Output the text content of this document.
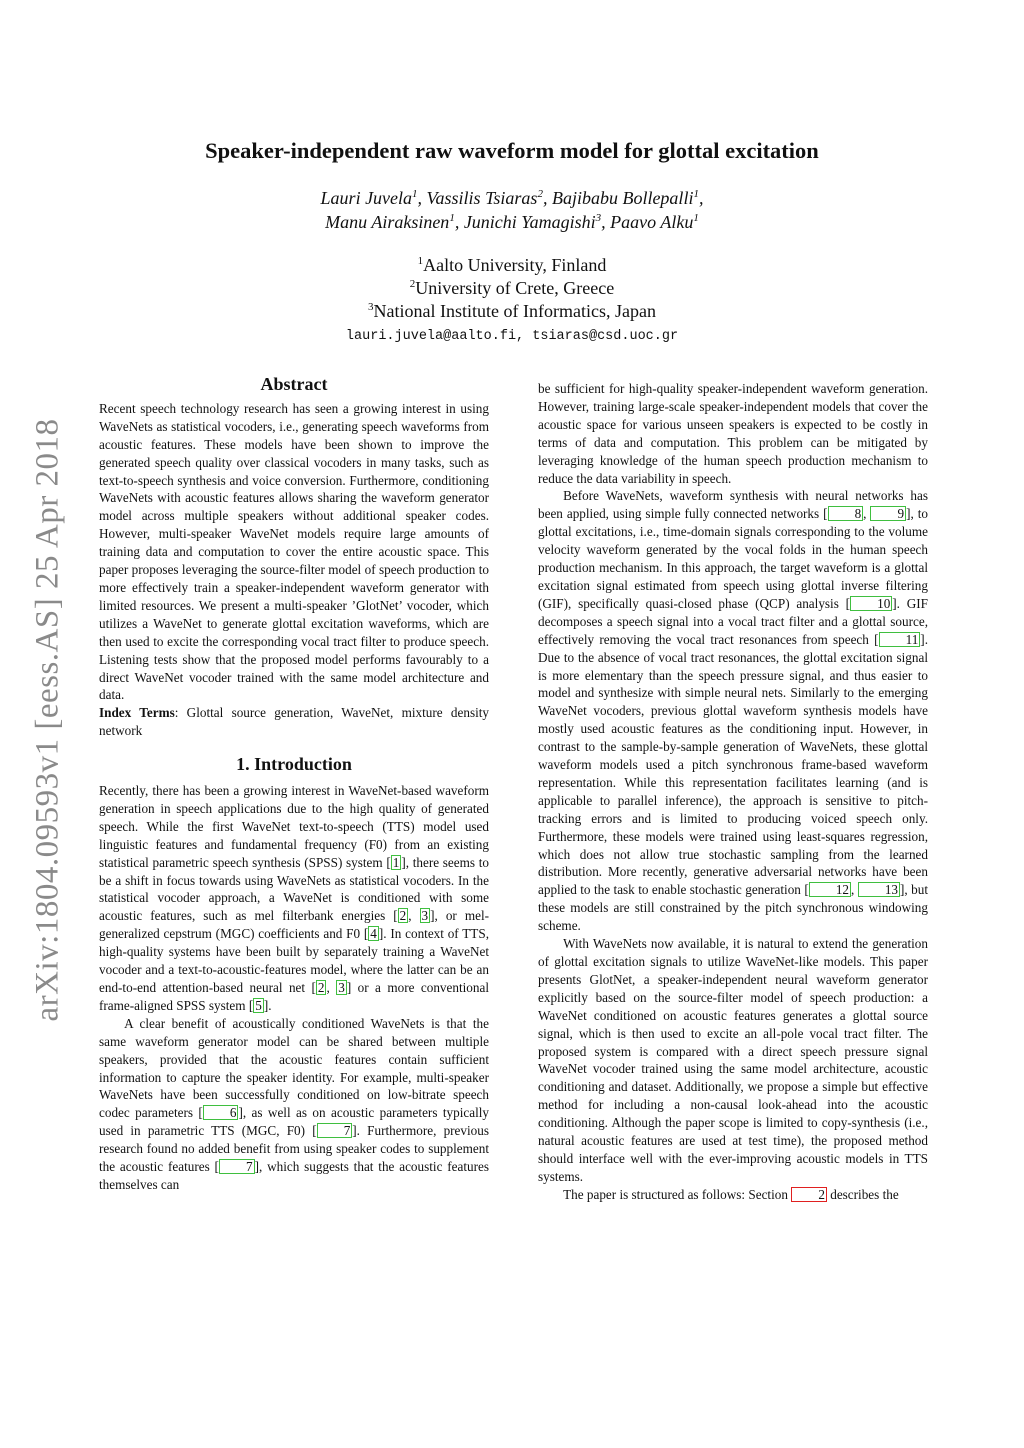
arXiv:1804.09593v1 [eess.AS] 25 Apr 2018
Speaker-independent raw waveform model for glottal excitation
Lauri Juvela$^1$, Vassilis Tsiaras$^2$, Bajibabu Bollepalli$^1$,
Manu Airaksinen$^1$, Junichi Yamagishi$^3$, Paavo Alku$^1$
$^1$Aalto University, Finland
$^2$University of Crete, Greece
$^3$National Institute of Informatics, Japan
lauri.juvela@aalto.fi, tsiaras@csd.uoc.gr
Abstract

Recent speech technology research has seen a growing interest in using WaveNets as statistical vocoders, i.e., generating speech waveforms from acoustic features. These models have been shown to improve the generated speech quality over classical vocoders in many tasks, such as text-to-speech synthesis and voice conversion. Furthermore, conditioning WaveNets with acoustic features allows sharing the waveform generator model across multiple speakers without additional speaker codes. However, multi-speaker WaveNet models require large amounts of training data and computation to cover the entire acoustic space. This paper proposes leveraging the source-filter model of speech production to more effectively train a speaker-independent waveform generator with limited resources. We present a multi-speaker ’GlotNet’ vocoder, which utilizes a WaveNet to generate glottal excitation waveforms, which are then used to excite the corresponding vocal tract filter to produce speech. Listening tests show that the proposed model performs favourably to a direct WaveNet vocoder trained with the same model architecture and data.

Index Terms: Glottal source generation, WaveNet, mixture density network

1. Introduction

Recently, there has been a growing interest in WaveNet-based waveform generation in speech applications due to the high quality of generated speech. While the first WaveNet text-to-speech (TTS) model used linguistic features and fundamental frequency (F0) from an existing statistical parametric speech synthesis (SPSS) system [ 1 ], there seems to be a shift in focus towards using WaveNets as statistical vocoders. In the statistical vocoder approach, a WaveNet is conditioned with some acoustic features, such as mel filterbank energies [ 2 , 3 ], or mel-generalized cepstrum (MGC) coefficients and F0 [ 4 ]. In context of TTS, high-quality systems have been built by separately training a WaveNet vocoder and a text-to-acoustic-features model, where the latter can be an end-to-end attention-based neural net [ 2 , 3 ] or a more conventional frame-aligned SPSS system [ 5 ].

A clear benefit of acoustically conditioned WaveNets is that the same waveform generator model can be shared between multiple speakers, provided that the acoustic features contain sufficient information to capture the speaker identity. For example, multi-speaker WaveNets have been successfully conditioned on low-bitrate speech codec parameters [ 6 ], as well as on acoustic parameters typically used in parametric TTS (MGC, F0) [ 7 ]. Furthermore, previous research found no added benefit from using speaker codes to supplement the acoustic features [ 7 ], which suggests that the acoustic features themselves can

be sufficient for high-quality speaker-independent waveform generation. However, training large-scale speaker-independent models that cover the acoustic space for various unseen speakers is expected to be costly in terms of data and computation. This problem can be mitigated by leveraging knowledge of the human speech production mechanism to reduce the data variability in speech.

Before WaveNets, waveform synthesis with neural networks has been applied, using simple fully connected networks [ 8 , 9 ], to glottal excitations, i.e., time-domain signals corresponding to the volume velocity waveform generated by the vocal folds in the human speech production mechanism. In this approach, the target waveform is a glottal excitation signal estimated from speech using glottal inverse filtering (GIF), specifically quasi-closed phase (QCP) analysis [ 10 ]. GIF decomposes a speech signal into a vocal tract filter and a glottal source, effectively removing the vocal tract resonances from speech [ 11 ]. Due to the absence of vocal tract resonances, the glottal excitation signal is more elementary than the speech pressure signal, and thus easier to model and synthesize with simple neural nets. Similarly to the emerging WaveNet vocoders, previous glottal waveform synthesis models have mostly used acoustic features as the conditioning input. However, in contrast to the sample-by-sample generation of WaveNets, these glottal waveform models used a pitch synchronous frame-based waveform representation. While this representation facilitates learning (and is applicable to parallel inference), the approach is sensitive to pitch-tracking errors and is limited to producing voiced speech only. Furthermore, these models were trained using least-squares regression, which does not allow true stochastic sampling from the learned distribution. More recently, generative adversarial networks have been applied to the task to enable stochastic generation [ 12 , 13 ], but these models are still constrained by the pitch synchronous windowing scheme.

With WaveNets now available, it is natural to extend the generation of glottal excitation signals to utilize WaveNet-like models. This paper presents GlotNet, a speaker-independent neural waveform generator explicitly based on the source-filter model of speech production: a WaveNet conditioned on acoustic features generates a glottal source signal, which is then used to excite an all-pole vocal tract filter. The proposed system is compared with a direct speech pressure signal WaveNet vocoder trained using the same model architecture, acoustic conditioning and dataset. Additionally, we propose a simple but effective method for including a non-causal look-ahead into the acoustic conditioning. Although the paper scope is limited to copy-synthesis (i.e., natural acoustic features are used at test time), the proposed method should interface well with the ever-improving acoustic models in TTS systems.

The paper is structured as follows: Section 2 describes the
